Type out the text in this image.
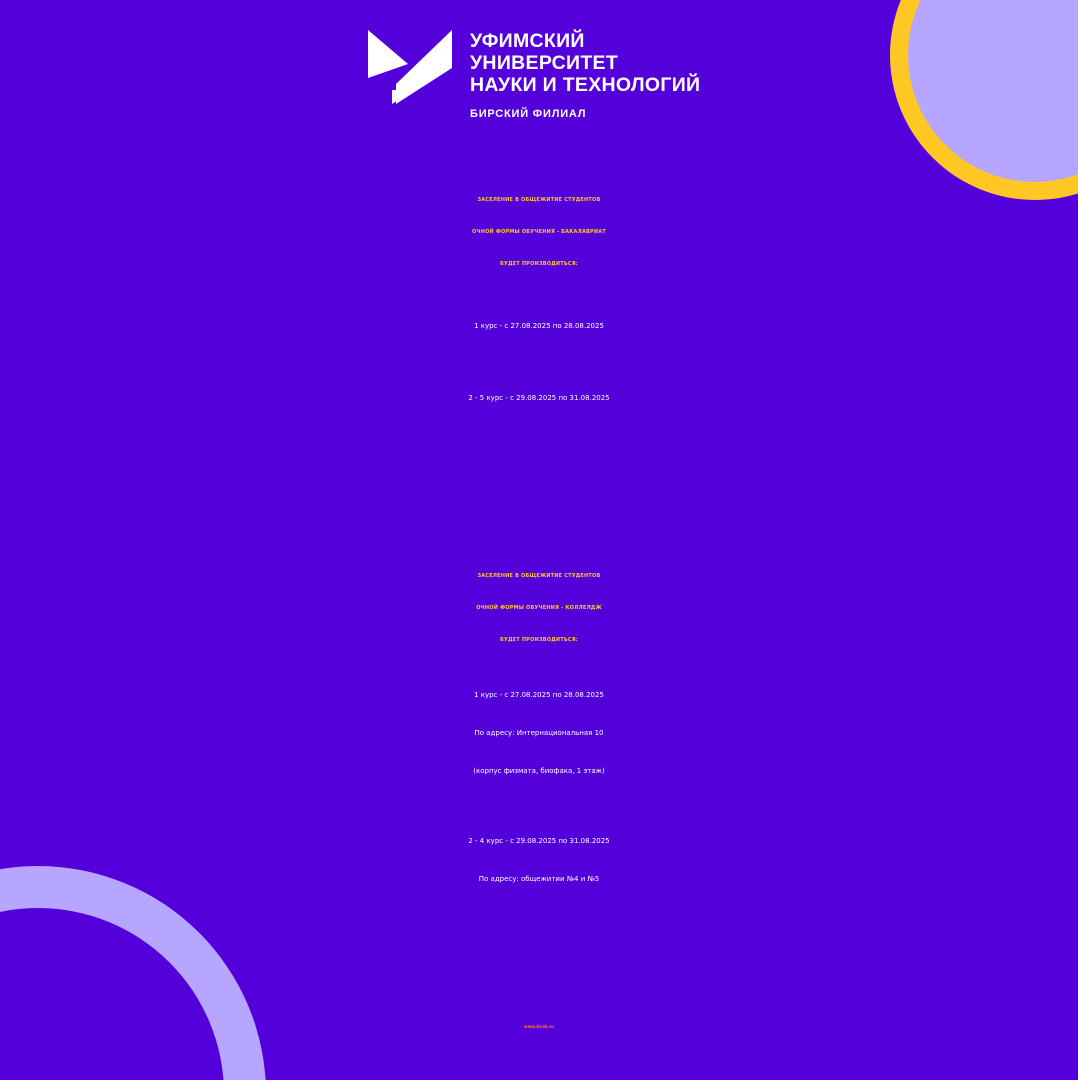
УФИМСКИЙ
УНИВЕРСИТЕТ
НАУКИ И ТЕХНОЛОГИЙ
БИРСКИЙ ФИЛИАЛ
ЗАСЕЛЕНИЕ В ОБЩЕЖИТИЕ СТУДЕНТОВ
ОЧНОЙ ФОРМЫ ОБУЧЕНИЯ - БАКАЛАВРИАТ
БУДЕТ ПРОИЗВОДИТЬСЯ:
1 курс - с 27.08.2025 по 28.08.2025
2 - 5 курс - с 29.08.2025 по 31.08.2025
ЗАСЕЛЕНИЕ В ОБЩЕЖИТИЕ СТУДЕНТОВ
ОЧНОЙ ФОРМЫ ОБУЧЕНИЯ - КОЛЛЕЛДЖ
БУДЕТ ПРОИЗВОДИТЬСЯ:
1 курс - с 27.08.2025 по 28.08.2025
По адресу: Интернациональная 10
(корпус физмата, биофака, 1 этаж)
2 - 4 курс - с 29.08.2025 по 31.08.2025
По адресу: общежитии №4 и №5
www.birsk.ru
